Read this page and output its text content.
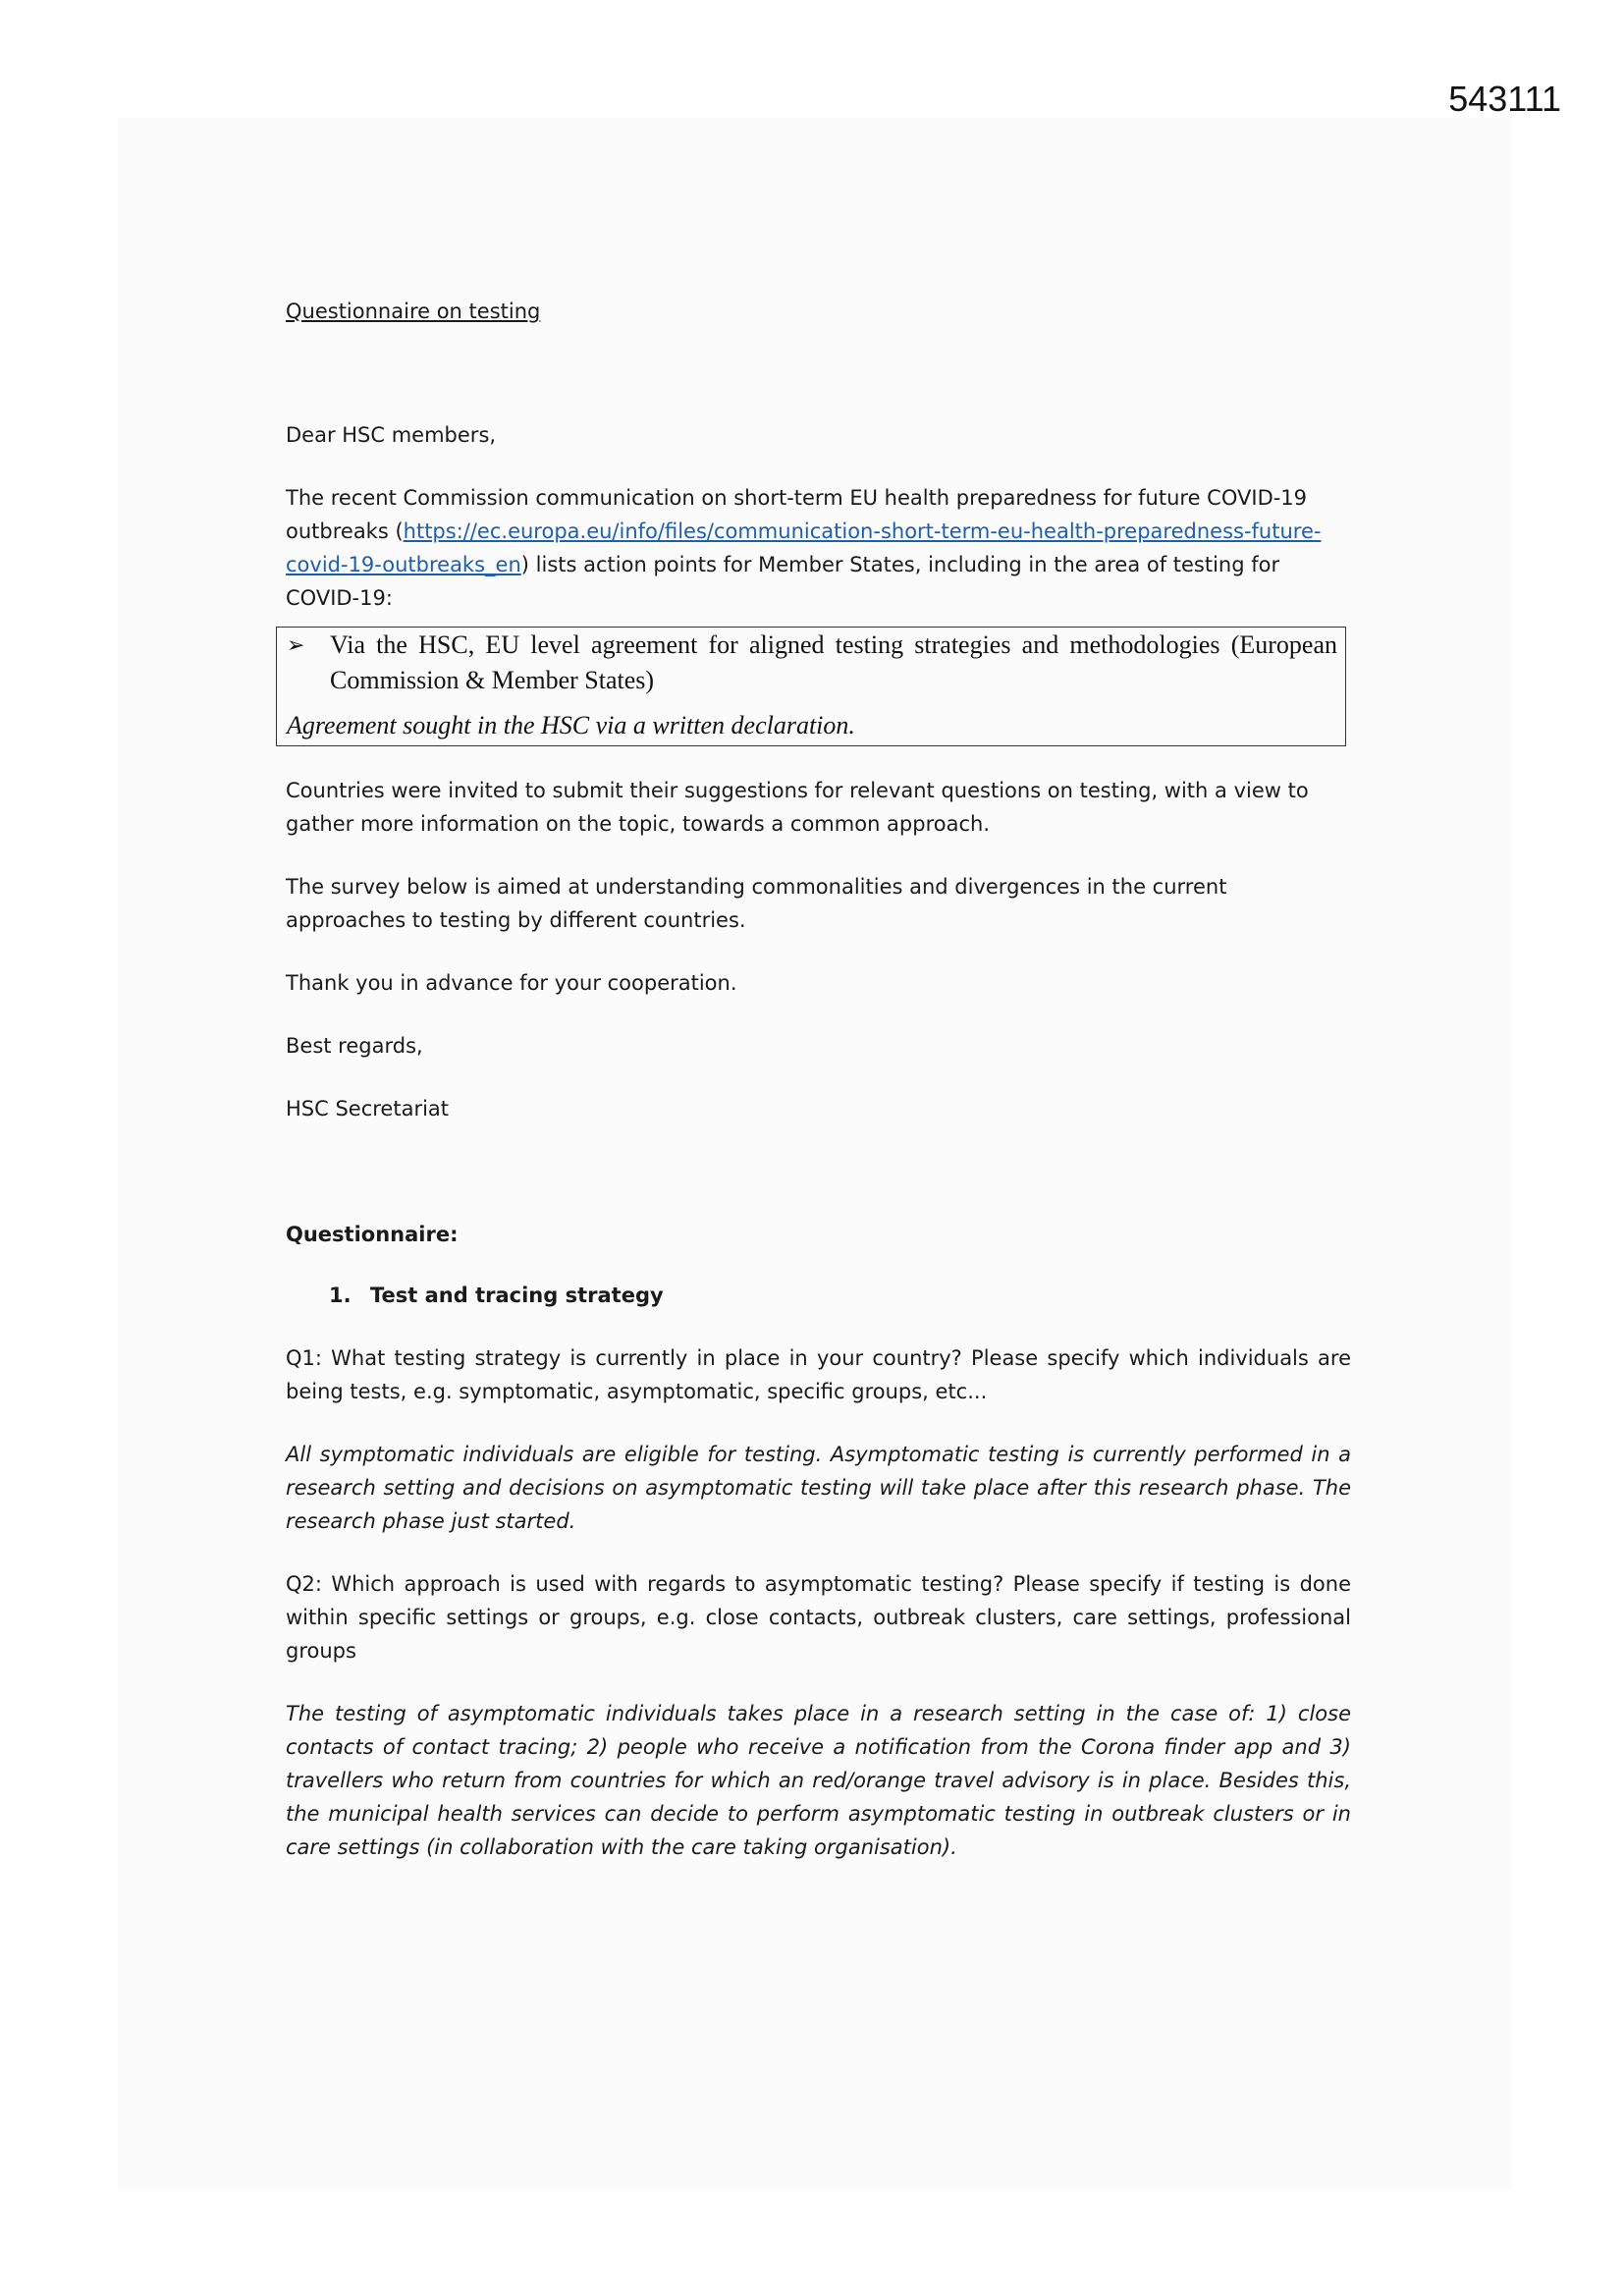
543111

Questionnaire on testing

Dear HSC members,

The recent Commission communication on short-term EU health preparedness for future COVID-19 outbreaks (https://ec.europa.eu/info/files/communication-short-term-eu-health-preparedness-future-covid-19-outbreaks_en) lists action points for Member States, including in the area of testing for COVID-19:

➢ Via the HSC, EU level agreement for aligned testing strategies and methodologies (European Commission & Member States)
Agreement sought in the HSC via a written declaration.

Countries were invited to submit their suggestions for relevant questions on testing, with a view to gather more information on the topic, towards a common approach.

The survey below is aimed at understanding commonalities and divergences in the current approaches to testing by different countries.

Thank you in advance for your cooperation.

Best regards,

HSC Secretariat

Questionnaire:

1. Test and tracing strategy

Q1: What testing strategy is currently in place in your country? Please specify which individuals are being tests, e.g. symptomatic, asymptomatic, specific groups, etc...

All symptomatic individuals are eligible for testing. Asymptomatic testing is currently performed in a research setting and decisions on asymptomatic testing will take place after this research phase. The research phase just started.

Q2: Which approach is used with regards to asymptomatic testing? Please specify if testing is done within specific settings or groups, e.g. close contacts, outbreak clusters, care settings, professional groups

The testing of asymptomatic individuals takes place in a research setting in the case of: 1) close contacts of contact tracing; 2) people who receive a notification from the Corona finder app and 3) travellers who return from countries for which an red/orange travel advisory is in place. Besides this, the municipal health services can decide to perform asymptomatic testing in outbreak clusters or in care settings (in collaboration with the care taking organisation).
